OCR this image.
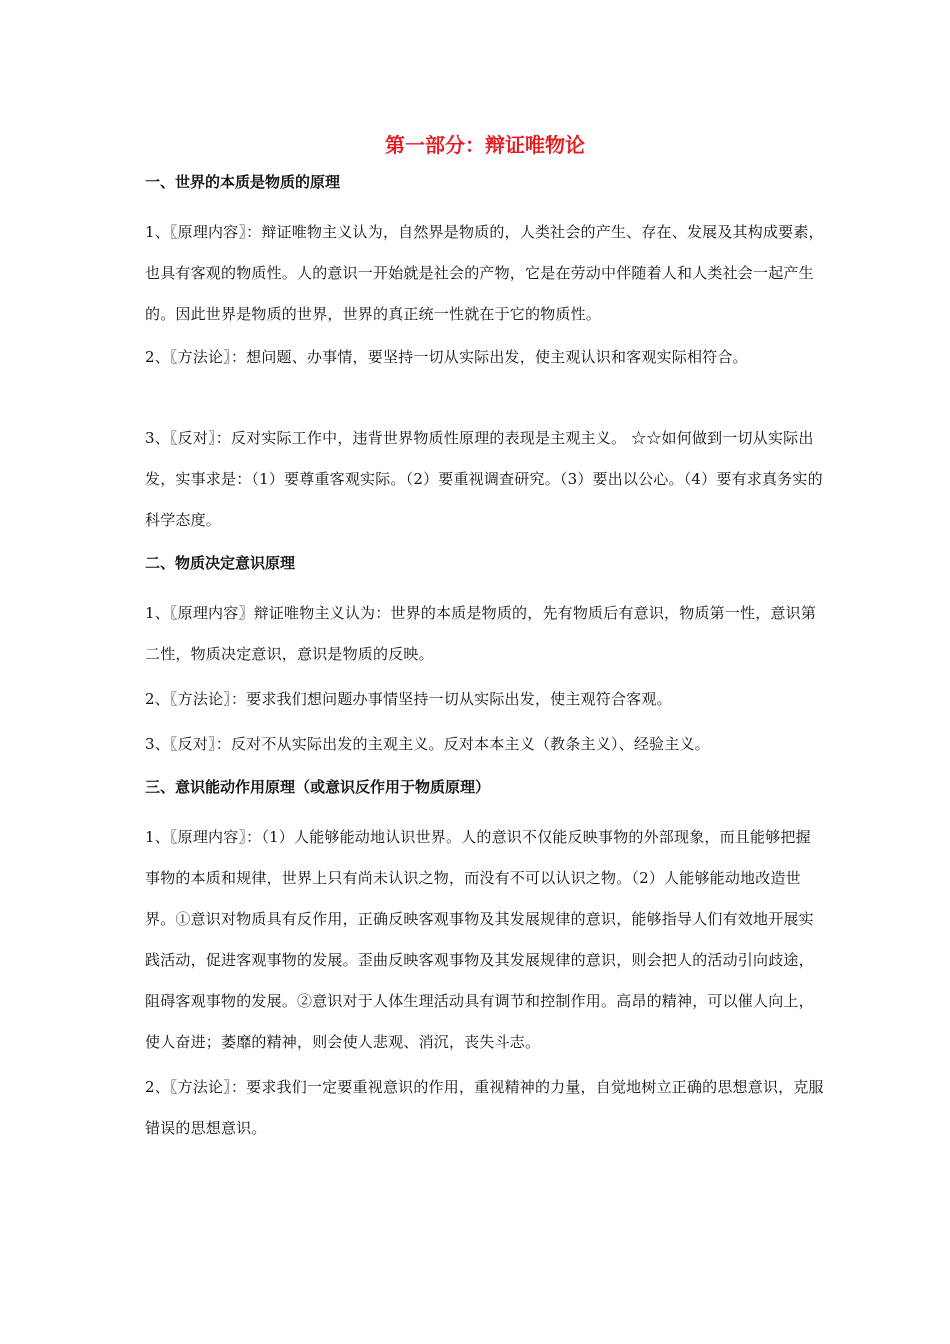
第一部分：辩证唯物论
一、世界的本质是物质的原理

1、〖原理内容〗：辩证唯物主义认为，自然界是物质的，人类社会的产生、存在、发展及其构成要素，也具有客观的物质性。人的意识一开始就是社会的产物，它是在劳动中伴随着人和人类社会一起产生的。因此世界是物质的世界，世界的真正统一性就在于它的物质性。

2、〖方法论〗：想问题、办事情，要坚持一切从实际出发，使主观认识和客观实际相符合。

3、〖反对〗：反对实际工作中，违背世界物质性原理的表现是主观主义。 ☆☆如何做到一切从实际出发，实事求是：（1）要尊重客观实际。（2）要重视调查研究。（3）要出以公心。（4）要有求真务实的科学态度。

二、物质决定意识原理

1、〖原理内容〗辩证唯物主义认为：世界的本质是物质的，先有物质后有意识，物质第一性，意识第二性，物质决定意识，意识是物质的反映。

2、〖方法论〗：要求我们想问题办事情坚持一切从实际出发，使主观符合客观。

3、〖反对〗：反对不从实际出发的主观主义。反对本本主义（教条主义）、经验主义。

三、意识能动作用原理（或意识反作用于物质原理）

1、〖原理内容〗：（1）人能够能动地认识世界。人的意识不仅能反映事物的外部现象，而且能够把握事物的本质和规律，世界上只有尚未认识之物，而没有不可以认识之物。（2）人能够能动地改造世界。①意识对物质具有反作用，正确反映客观事物及其发展规律的意识，能够指导人们有效地开展实践活动，促进客观事物的发展。歪曲反映客观事物及其发展规律的意识，则会把人的活动引向歧途，阻碍客观事物的发展。②意识对于人体生理活动具有调节和控制作用。高昂的精神，可以催人向上，使人奋进；萎靡的精神，则会使人悲观、消沉，丧失斗志。

2、〖方法论〗：要求我们一定要重视意识的作用，重视精神的力量，自觉地树立正确的思想意识，克服错误的思想意识。
